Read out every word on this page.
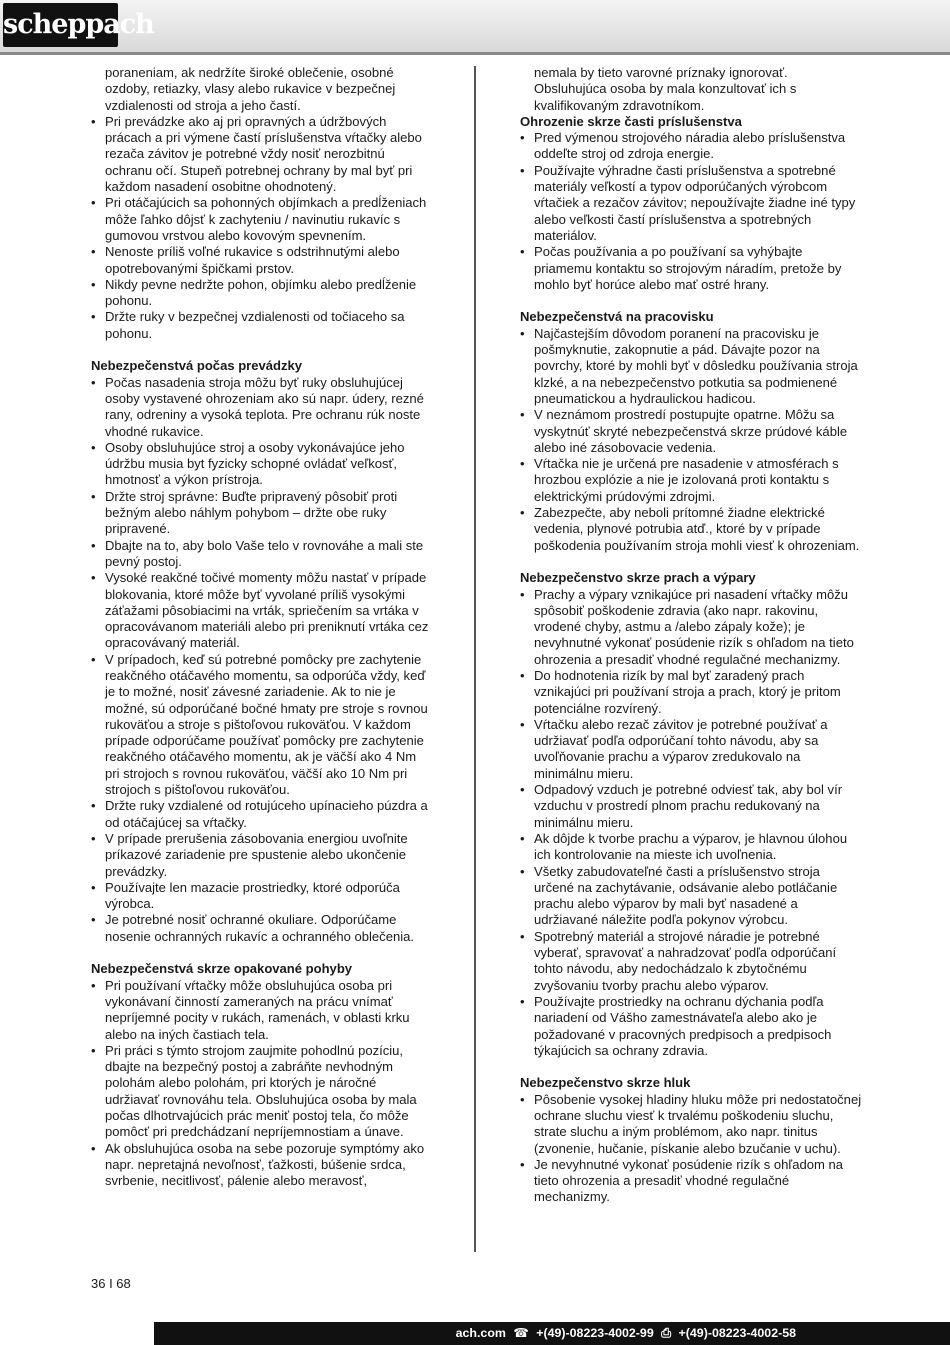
scheppach
poraneniam, ak nedržíte široké oblečenie, osobné ozdoby, retiazky, vlasy alebo rukavice v bezpečnej vzdialenosti od stroja a jeho častí.
• Pri prevádzke ako aj pri opravných a údržbových prácach a pri výmene častí príslušenstva vŕtačky alebo rezača závitov je potrebné vždy nosiť nerozbitnú ochranu očí. Stupeň potrebnej ochrany by mal byť pri každom nasadení osobitne ohodnotený.
• Pri otáčajúcich sa pohonných objímkach a predĺženiach môže ľahko dôjsť k zachyteniu / navinutiu rukavíc s gumovou vrstvou alebo kovovým spevnením.
• Nenoste príliš voľné rukavice s odstrihnutými alebo opotrebovanými špičkami prstov.
• Nikdy pevne nedržte pohon, objímku alebo predĺženie pohonu.
• Držte ruky v bezpečnej vzdialenosti od točiaceho sa pohonu.
Nebezpečenstvá počas prevádzky
• Počas nasadenia stroja môžu byť ruky obsluhujúcej osoby vystavené ohrozeniam ako sú napr. údery, rezné rany, odreniny a vysoká teplota. Pre ochranu rúk noste vhodné rukavice.
• Osoby obsluhujúce stroj a osoby vykonávajúce jeho údržbu musia byt fyzicky schopné ovládať veľkosť, hmotnosť a výkon prístroja.
• Držte stroj správne: Buďte pripravený pôsobiť proti bežným alebo náhlym pohybom – držte obe ruky pripravené.
• Dbajte na to, aby bolo Vaše telo v rovnováhe a mali ste pevný postoj.
• Vysoké reakčné točivé momenty môžu nastať v prípade blokovania, ktoré môže byť vyvolané príliš vysokými záťažami pôsobiacimi na vrták, spriečením sa vrtáka v opracovávanom materiáli alebo pri preniknutí vrtáka cez opracovávaný materiál.
• V prípadoch, keď sú potrebné pomôcky pre zachytenie reakčného otáčavého momentu, sa odporúča vždy, keď je to možné, nosiť závesné zariadenie. Ak to nie je možné, sú odporúčané bočné hmaty pre stroje s rovnou rukoväťou a stroje s pištoľovou rukoväťou. V každom prípade odporúčame používať pomôcky pre zachytenie reakčného otáčavého momentu, ak je väčší ako 4 Nm pri strojoch s rovnou rukoväťou, väčší ako 10 Nm pri strojoch s pištoľovou rukoväťou.
• Držte ruky vzdialené od rotujúceho upínacieho púzdra a od otáčajúcej sa vŕtačky.
• V prípade prerušenia zásobovania energiou uvoľnite príkazové zariadenie pre spustenie alebo ukončenie prevádzky.
• Používajte len mazacie prostriedky, ktoré odporúča výrobca.
• Je potrebné nosiť ochranné okuliare. Odporúčame nosenie ochranných rukavíc a ochranného oblečenia.
Nebezpečenstvá skrze opakované pohyby
• Pri používaní vŕtačky môže obsluhujúca osoba pri vykonávaní činností zameraných na prácu vnímať nepríjemné pocity v rukách, ramenách, v oblasti krku alebo na iných častiach tela.
• Pri práci s týmto strojom zaujmite pohodlnú pozíciu, dbajte na bezpečný postoj a zabráňte nevhodným polohám alebo polohám, pri ktorých je náročné udržiavať rovnováhu tela. Obsluhujúca osoba by mala počas dlhotrvajúcich prác meniť postoj tela, čo môže pomôcť pri predchádzaní nepríjemnostiam a únave.
• Ak obsluhujúca osoba na sebe pozoruje symptómy ako napr. nepretajná nevoľnosť, ťažkosti, búšenie srdca, svrbenie, necitlivosť, pálenie alebo meravosť,
nemala by tieto varovné príznaky ignorovať. Obsluhujúca osoba by mala konzultovať ich s kvalifikovaným zdravotníkom.
Ohrozenie skrze časti príslušenstva
• Pred výmenou strojového náradia alebo príslušenstva oddeľte stroj od zdroja energie.
• Používajte výhradne časti príslušenstva a spotrebné materiály veľkostí a typov odporúčaných výrobcom vŕtačiek a rezačov závitov; nepoužívajte žiadne iné typy alebo veľkosti častí príslušenstva a spotrebných materiálov.
• Počas používania a po používaní sa vyhýbajte priamemu kontaktu so strojovým náradím, pretože by mohlo byť horúce alebo mať ostré hrany.
Nebezpečenstvá na pracovisku
• Najčastejším dôvodom poranení na pracovisku je pošmyknutie, zakopnutie a pád. Dávajte pozor na povrchy, ktoré by mohli byť v dôsledku používania stroja klzké, a na nebezpečenstvo potkutia sa podmienené pneumatickou a hydraulickou hadicou.
• V neznámom prostredí postupujte opatrne. Môžu sa vyskytnúť skryté nebezpečenstvá skrze prúdové káble alebo iné zásobovacie vedenia.
• Vŕtačka nie je určená pre nasadenie v atmosférach s hrozbou explózie a nie je izolovaná proti kontaktu s elektrickými prúdovými zdrojmi.
• Zabezpečte, aby neboli prítomné žiadne elektrické vedenia, plynové potrubia atď., ktoré by v prípade poškodenia používaním stroja mohli viesť k ohrozeniam.
Nebezpečenstvo skrze prach a výpary
• Prachy a výpary vznikajúce pri nasadení vŕtačky môžu spôsobiť poškodenie zdravia (ako napr. rakovinu, vrodené chyby, astmu a /alebo zápaly kože); je nevyhnutné vykonať posúdenie rizík s ohľadom na tieto ohrozenia a presadiť vhodné regulačné mechanizmy.
• Do hodnotenia rizík by mal byť zaradený prach vznikajúci pri používaní stroja a prach, ktorý je pritom potenciálne rozvírený.
• Vŕtačku alebo rezač závitov je potrebné používať a udržiavať podľa odporúčaní tohto návodu, aby sa uvoľňovanie prachu a výparov zredukovalo na minimálnu mieru.
• Odpadový vzduch je potrebné odviesť tak, aby bol vír vzduchu v prostredí plnom prachu redukovaný na minimálnu mieru.
• Ak dôjde k tvorbe prachu a výparov, je hlavnou úlohou ich kontrolovanie na mieste ich uvoľnenia.
• Všetky zabudovateľné časti a príslušenstvo stroja určené na zachytávanie, odsávanie alebo potláčanie prachu alebo výparov by mali byť nasadené a udržiavané náležite podľa pokynov výrobcu.
• Spotrebný materiál a strojové náradie je potrebné vyberať, spravovať a nahradzovať podľa odporúčaní tohto návodu, aby nedochádzalo k zbytočnému zvyšovaniu tvorby prachu alebo výparov.
• Používajte prostriedky na ochranu dýchania podľa nariadení od Vášho zamestnávateľa alebo ako je požadované v pracovných predpisoch a predpisoch týkajúcich sa ochrany zdravia.
Nebezpečenstvo skrze hluk
• Pôsobenie vysokej hladiny hluku môže pri nedostatočnej ochrane sluchu viesť k trvalému poškodeniu sluchu, strate sluchu a iným problémom, ako napr. tinitus (zvonenie, hučanie, pískanie alebo bzučanie v uchu).
• Je nevyhnutné vykonať posúdenie rizík s ohľadom na tieto ohrozenia a presadiť vhodné regulačné mechanizmy.
36 I 68
ach.com ☎ +(49)-08223-4002-99 ⎙ +(49)-08223-4002-58
